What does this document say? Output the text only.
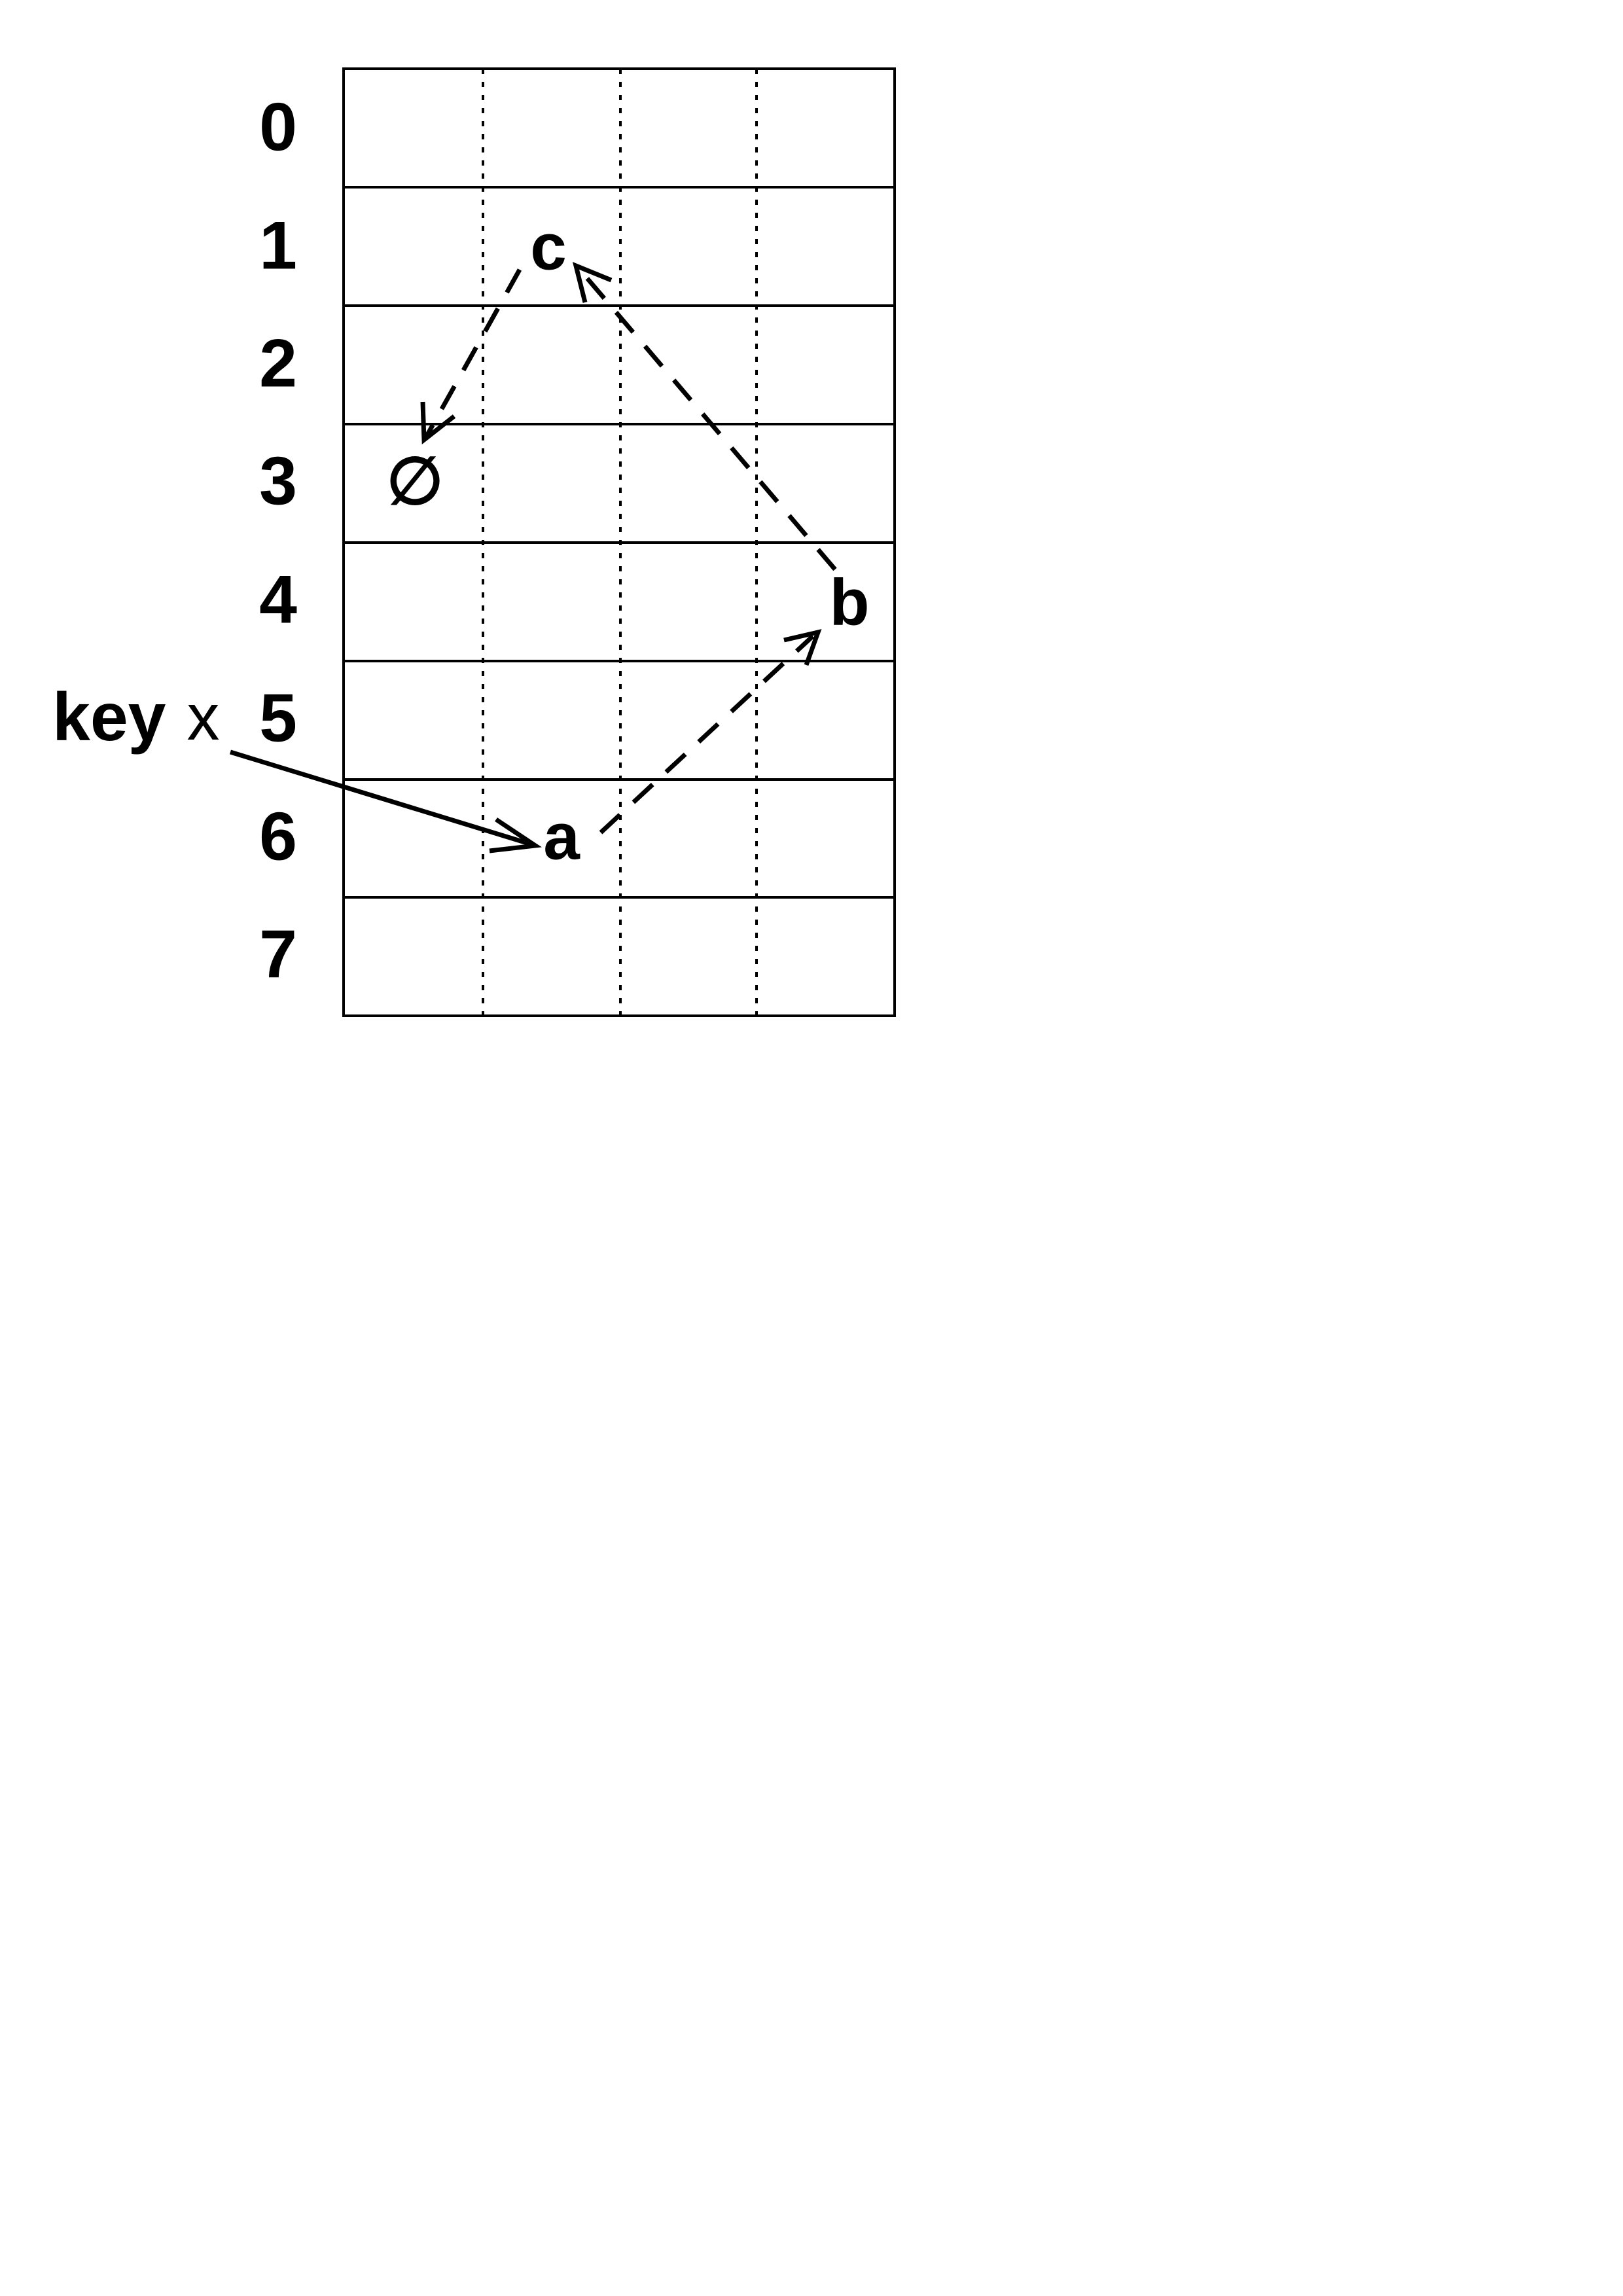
0
1
2
3
4
5
6
7
a
b
c
∅
key x
